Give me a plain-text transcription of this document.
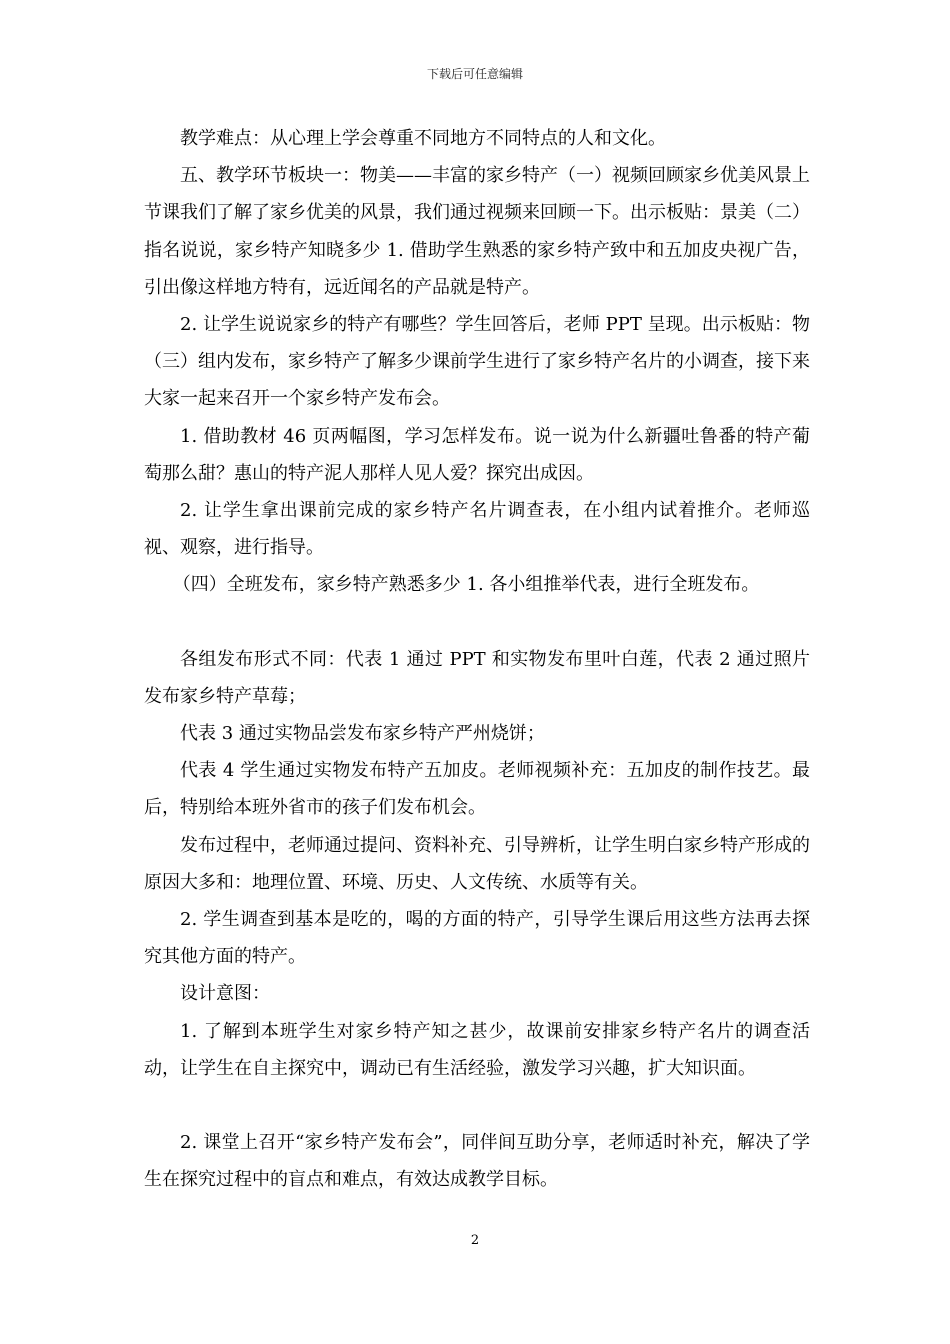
下载后可任意编辑

教学难点：从心理上学会尊重不同地方不同特点的人和文化。

五、教学环节板块一：物美——丰富的家乡特产（一）视频回顾家乡优美风景上节课我们了解了家乡优美的风景，我们通过视频来回顾一下。出示板贴：景美（二）指名说说，家乡特产知晓多少 1. 借助学生熟悉的家乡特产致中和五加皮央视广告，引出像这样地方特有，远近闻名的产品就是特产。

2. 让学生说说家乡的特产有哪些？学生回答后，老师 PPT 呈现。出示板贴：物（三）组内发布，家乡特产了解多少课前学生进行了家乡特产名片的小调查，接下来大家一起来召开一个家乡特产发布会。

1. 借助教材 46 页两幅图，学习怎样发布。说一说为什么新疆吐鲁番的特产葡萄那么甜？惠山的特产泥人那样人见人爱？探究出成因。

2. 让学生拿出课前完成的家乡特产名片调查表，在小组内试着推介。老师巡视、观察，进行指导。

（四）全班发布，家乡特产熟悉多少 1. 各小组推举代表，进行全班发布。

各组发布形式不同：代表 1 通过 PPT 和实物发布里叶白莲，代表 2 通过照片发布家乡特产草莓；

代表 3 通过实物品尝发布家乡特产严州烧饼；

代表 4 学生通过实物发布特产五加皮。老师视频补充：五加皮的制作技艺。最后，特别给本班外省市的孩子们发布机会。

发布过程中，老师通过提问、资料补充、引导辨析，让学生明白家乡特产形成的原因大多和：地理位置、环境、历史、人文传统、水质等有关。

2. 学生调查到基本是吃的，喝的方面的特产，引导学生课后用这些方法再去探究其他方面的特产。

设计意图：

1. 了解到本班学生对家乡特产知之甚少，故课前安排家乡特产名片的调查活动，让学生在自主探究中，调动已有生活经验，激发学习兴趣，扩大知识面。

2. 课堂上召开“家乡特产发布会”，同伴间互助分享，老师适时补充，解决了学生在探究过程中的盲点和难点，有效达成教学目标。

2
